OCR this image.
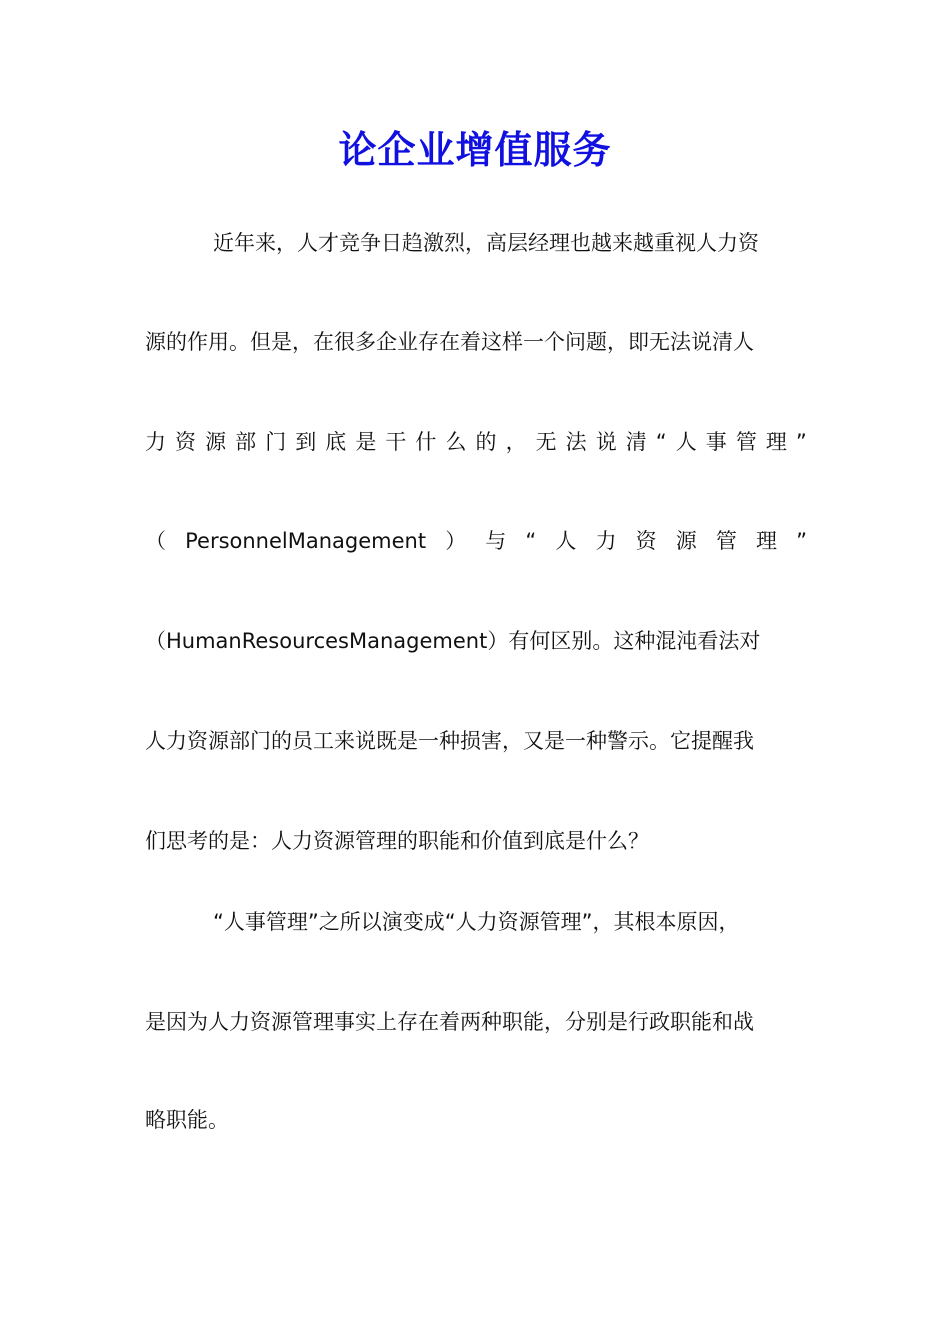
论企业增值服务
近年来，人才竞争日趋激烈，高层经理也越来越重视人力资
源的作用。但是，在很多企业存在着这样一个问题，即无法说清人
力 资 源 部 门 到 底 是 干 什 么 的 ， 无 法 说 清 “ 人 事 管 理 ”
（ PersonnelManagement ） 与 “ 人 力 资 源 管 理 ”
（HumanResourcesManagement）有何区别。这种混沌看法对
人力资源部门的员工来说既是一种损害，又是一种警示。它提醒我
们思考的是：人力资源管理的职能和价值到底是什么？
“人事管理”之所以演变成“人力资源管理”，其根本原因，
是因为人力资源管理事实上存在着两种职能，分别是行政职能和战
略职能。
